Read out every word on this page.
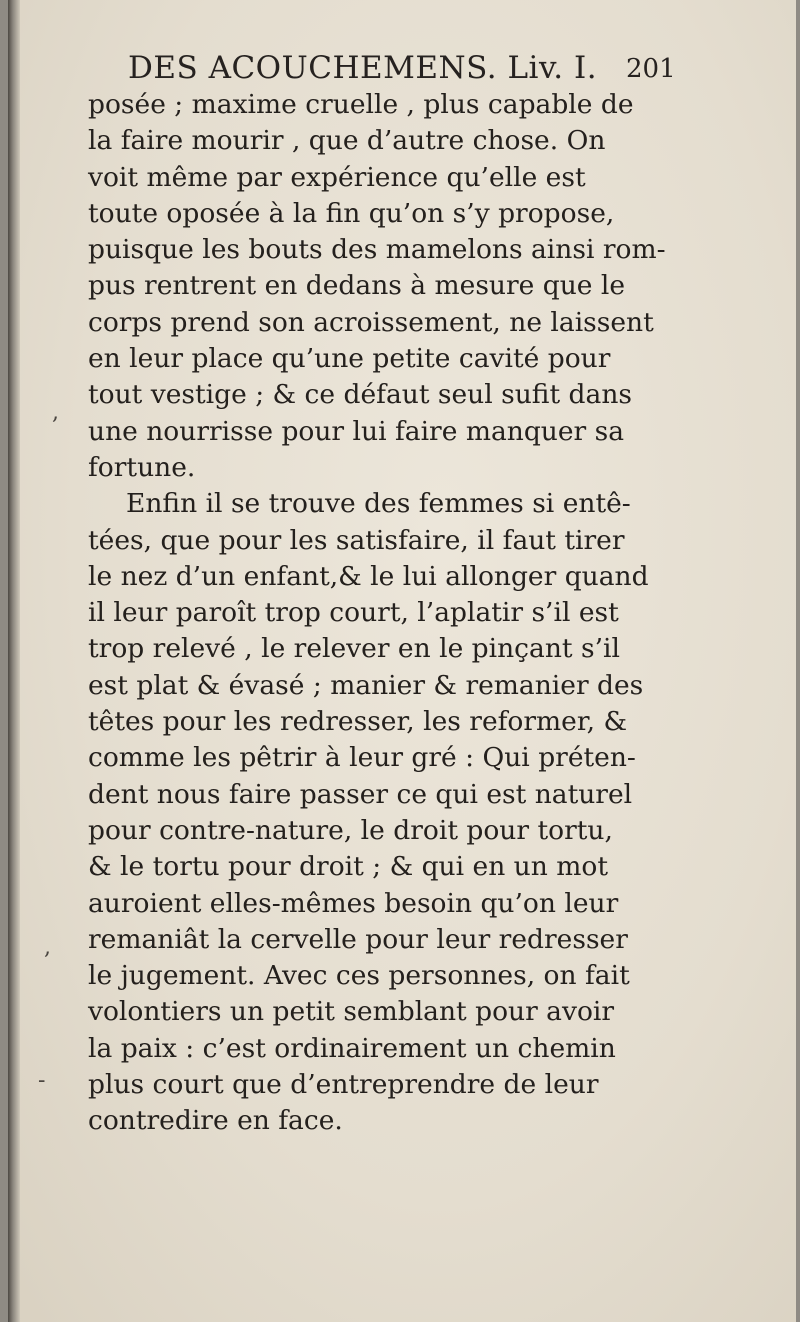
DES ACOUCHEMENS. Liv. I. 201
posée ; maxime cruelle , plus capable de
la faire mourir , que d’autre chose. On
voit même par expérience qu’elle est
toute oposée à la fin qu’on s’y propose,
puisque les bouts des mamelons ainsi rom-
pus rentrent en dedans à mesure que le
corps prend son acroissement, ne laissent
en leur place qu’une petite cavité pour
tout vestige ; & ce défaut seul sufit dans
une nourrisse pour lui faire manquer sa
fortune.
Enfin il se trouve des femmes si entê-
tées, que pour les satisfaire, il faut tirer
le nez d’un enfant,& le lui allonger quand
il leur paroît trop court, l’aplatir s’il est
trop relevé , le relever en le pinçant s’il
est plat & évasé ; manier & remanier des
têtes pour les redresser, les reformer, &
comme les pêtrir à leur gré : Qui préten-
dent nous faire passer ce qui est naturel
pour contre-nature, le droit pour tortu,
& le tortu pour droit ; & qui en un mot
auroient elles-mêmes besoin qu’on leur
remaniât la cervelle pour leur redresser
le jugement. Avec ces personnes, on fait
volontiers un petit semblant pour avoir
la paix : c’est ordinairement un chemin
plus court que d’entreprendre de leur
contredire en face.
,
,
-
